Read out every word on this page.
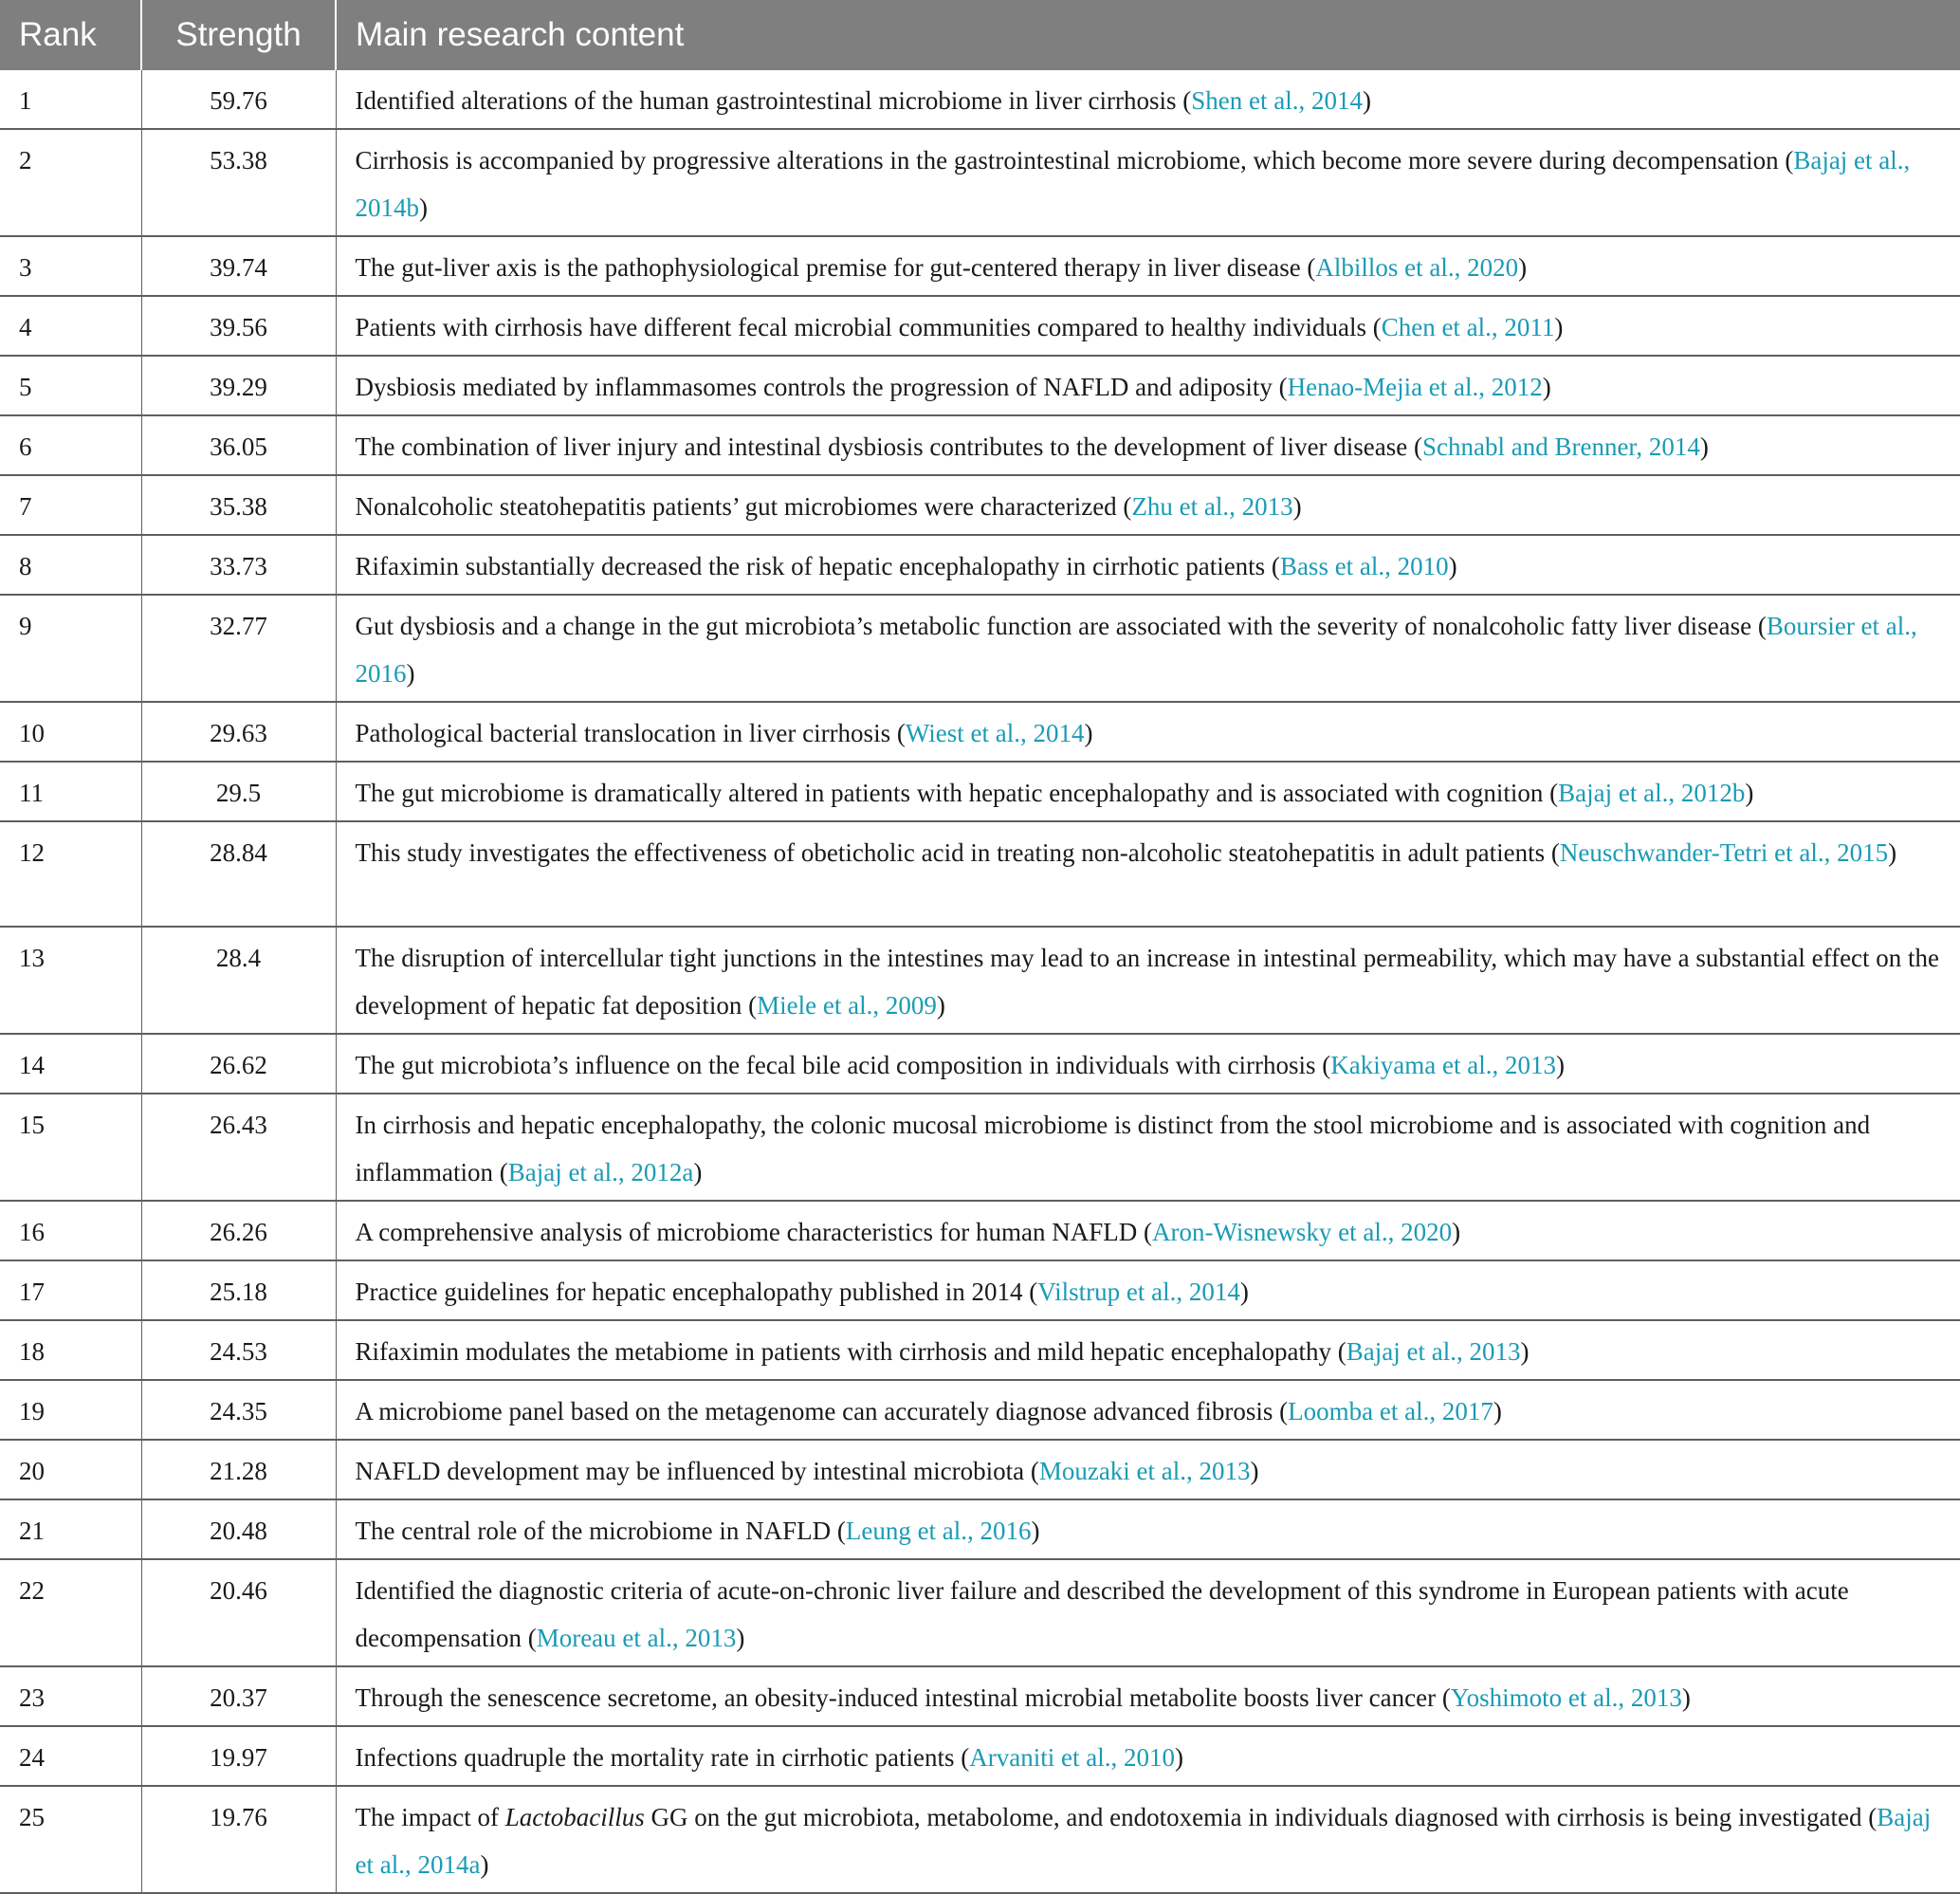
Rank	Strength	Main research content
1	59.76	Identified alterations of the human gastrointestinal microbiome in liver cirrhosis (Shen et al., 2014)
2	53.38	Cirrhosis is accompanied by progressive alterations in the gastrointestinal microbiome, which become more severe during decompensation (Bajaj et al., 2014b)
3	39.74	The gut-liver axis is the pathophysiological premise for gut-centered therapy in liver disease (Albillos et al., 2020)
4	39.56	Patients with cirrhosis have different fecal microbial communities compared to healthy individuals (Chen et al., 2011)
5	39.29	Dysbiosis mediated by inflammasomes controls the progression of NAFLD and adiposity (Henao-Mejia et al., 2012)
6	36.05	The combination of liver injury and intestinal dysbiosis contributes to the development of liver disease (Schnabl and Brenner, 2014)
7	35.38	Nonalcoholic steatohepatitis patients’ gut microbiomes were characterized (Zhu et al., 2013)
8	33.73	Rifaximin substantially decreased the risk of hepatic encephalopathy in cirrhotic patients (Bass et al., 2010)
9	32.77	Gut dysbiosis and a change in the gut microbiota’s metabolic function are associated with the severity of nonalcoholic fatty liver disease (Boursier et al., 2016)
10	29.63	Pathological bacterial translocation in liver cirrhosis (Wiest et al., 2014)
11	29.5	The gut microbiome is dramatically altered in patients with hepatic encephalopathy and is associated with cognition (Bajaj et al., 2012b)
12	28.84	This study investigates the effectiveness of obeticholic acid in treating non-alcoholic steatohepatitis in adult patients (Neuschwander-Tetri et al., 2015)
13	28.4	The disruption of intercellular tight junctions in the intestines may lead to an increase in intestinal permeability, which may have a substantial effect on the development of hepatic fat deposition (Miele et al., 2009)
14	26.62	The gut microbiota’s influence on the fecal bile acid composition in individuals with cirrhosis (Kakiyama et al., 2013)
15	26.43	In cirrhosis and hepatic encephalopathy, the colonic mucosal microbiome is distinct from the stool microbiome and is associated with cognition and inflammation (Bajaj et al., 2012a)
16	26.26	A comprehensive analysis of microbiome characteristics for human NAFLD (Aron-Wisnewsky et al., 2020)
17	25.18	Practice guidelines for hepatic encephalopathy published in 2014 (Vilstrup et al., 2014)
18	24.53	Rifaximin modulates the metabiome in patients with cirrhosis and mild hepatic encephalopathy (Bajaj et al., 2013)
19	24.35	A microbiome panel based on the metagenome can accurately diagnose advanced fibrosis (Loomba et al., 2017)
20	21.28	NAFLD development may be influenced by intestinal microbiota (Mouzaki et al., 2013)
21	20.48	The central role of the microbiome in NAFLD (Leung et al., 2016)
22	20.46	Identified the diagnostic criteria of acute-on-chronic liver failure and described the development of this syndrome in European patients with acute decompensation (Moreau et al., 2013)
23	20.37	Through the senescence secretome, an obesity-induced intestinal microbial metabolite boosts liver cancer (Yoshimoto et al., 2013)
24	19.97	Infections quadruple the mortality rate in cirrhotic patients (Arvaniti et al., 2010)
25	19.76	The impact of Lactobacillus GG on the gut microbiota, metabolome, and endotoxemia in individuals diagnosed with cirrhosis is being investigated (Bajaj et al., 2014a)
